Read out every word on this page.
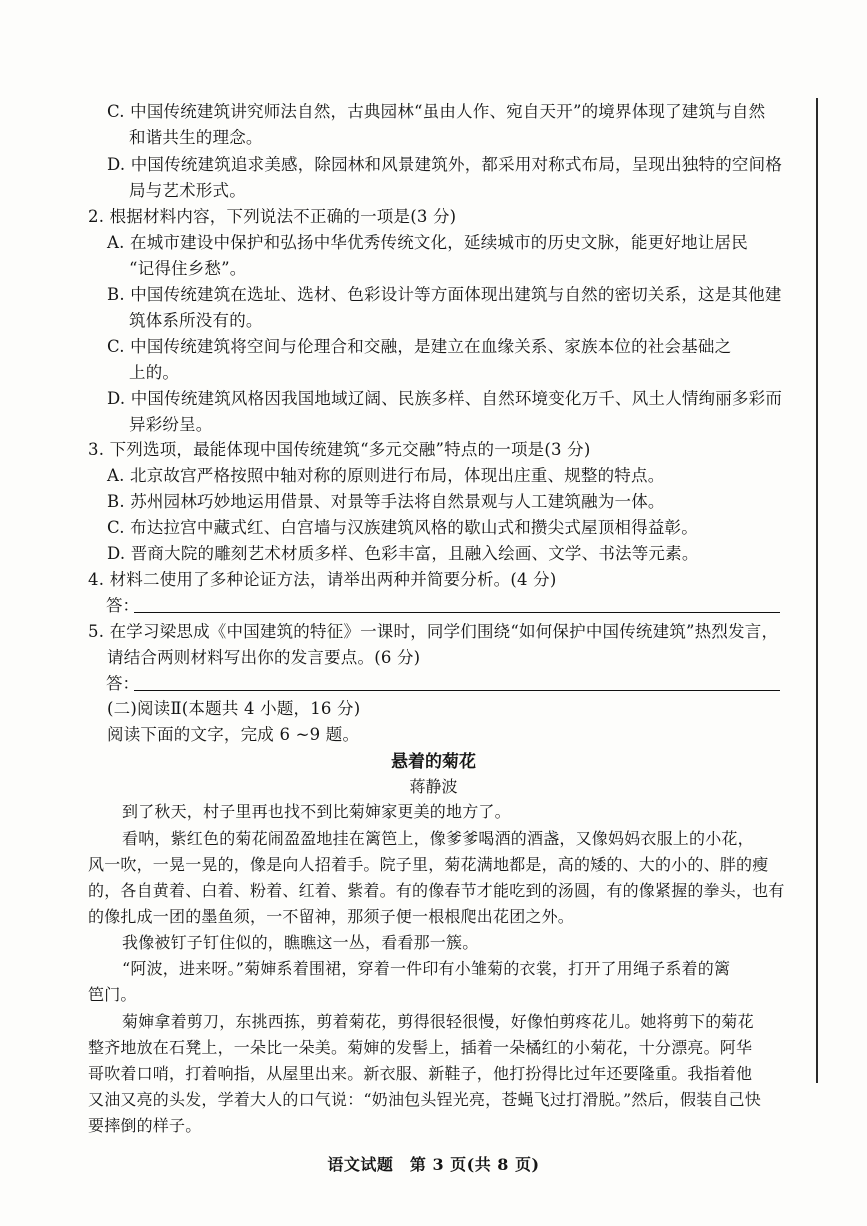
C. 中国传统建筑讲究师法自然，古典园林“虽由人作、宛自天开”的境界体现了建筑与自然
和谐共生的理念。
D. 中国传统建筑追求美感，除园林和风景建筑外，都采用对称式布局，呈现出独特的空间格
局与艺术形式。
2. 根据材料内容，下列说法不正确的一项是(3 分)
A. 在城市建设中保护和弘扬中华优秀传统文化，延续城市的历史文脉，能更好地让居民
“记得住乡愁”。
B. 中国传统建筑在选址、选材、色彩设计等方面体现出建筑与自然的密切关系，这是其他建
筑体系所没有的。
C. 中国传统建筑将空间与伦理合和交融，是建立在血缘关系、家族本位的社会基础之
上的。
D. 中国传统建筑风格因我国地域辽阔、民族多样、自然环境变化万千、风土人情绚丽多彩而
异彩纷呈。
3. 下列选项，最能体现中国传统建筑“多元交融”特点的一项是(3 分)
A. 北京故宫严格按照中轴对称的原则进行布局，体现出庄重、规整的特点。
B. 苏州园林巧妙地运用借景、对景等手法将自然景观与人工建筑融为一体。
C. 布达拉宫中藏式红、白宫墙与汉族建筑风格的歇山式和攒尖式屋顶相得益彰。
D. 晋商大院的雕刻艺术材质多样、色彩丰富，且融入绘画、文学、书法等元素。
4. 材料二使用了多种论证方法，请举出两种并简要分析。(4 分)
答：
5. 在学习梁思成《中国建筑的特征》一课时，同学们围绕“如何保护中国传统建筑”热烈发言，
请结合两则材料写出你的发言要点。(6 分)
答：
(二)阅读Ⅱ(本题共 4 小题，16 分)
阅读下面的文字，完成 6 ~9 题。
悬着的菊花
蒋静波
到了秋天，村子里再也找不到比菊婶家更美的地方了。
看呐，紫红色的菊花闹盈盈地挂在篱笆上，像爹爹喝酒的酒盏，又像妈妈衣服上的小花，
风一吹，一晃一晃的，像是向人招着手。院子里，菊花满地都是，高的矮的、大的小的、胖的瘦
的，各自黄着、白着、粉着、红着、紫着。有的像春节才能吃到的汤圆，有的像紧握的拳头，也有
的像扎成一团的墨鱼须，一不留神，那须子便一根根爬出花团之外。
我像被钉子钉住似的，瞧瞧这一丛，看看那一簇。
“阿波，进来呀。”菊婶系着围裙，穿着一件印有小雏菊的衣裳，打开了用绳子系着的篱
笆门。
菊婶拿着剪刀，东挑西拣，剪着菊花，剪得很轻很慢，好像怕剪疼花儿。她将剪下的菊花
整齐地放在石凳上，一朵比一朵美。菊婶的发髻上，插着一朵橘红的小菊花，十分漂亮。阿华
哥吹着口哨，打着响指，从屋里出来。新衣服、新鞋子，他打扮得比过年还要隆重。我指着他
又油又亮的头发，学着大人的口气说：“奶油包头锃光亮，苍蝇飞过打滑脱。”然后，假装自己快
要摔倒的样子。
语文试题　第 3 页(共 8 页)
